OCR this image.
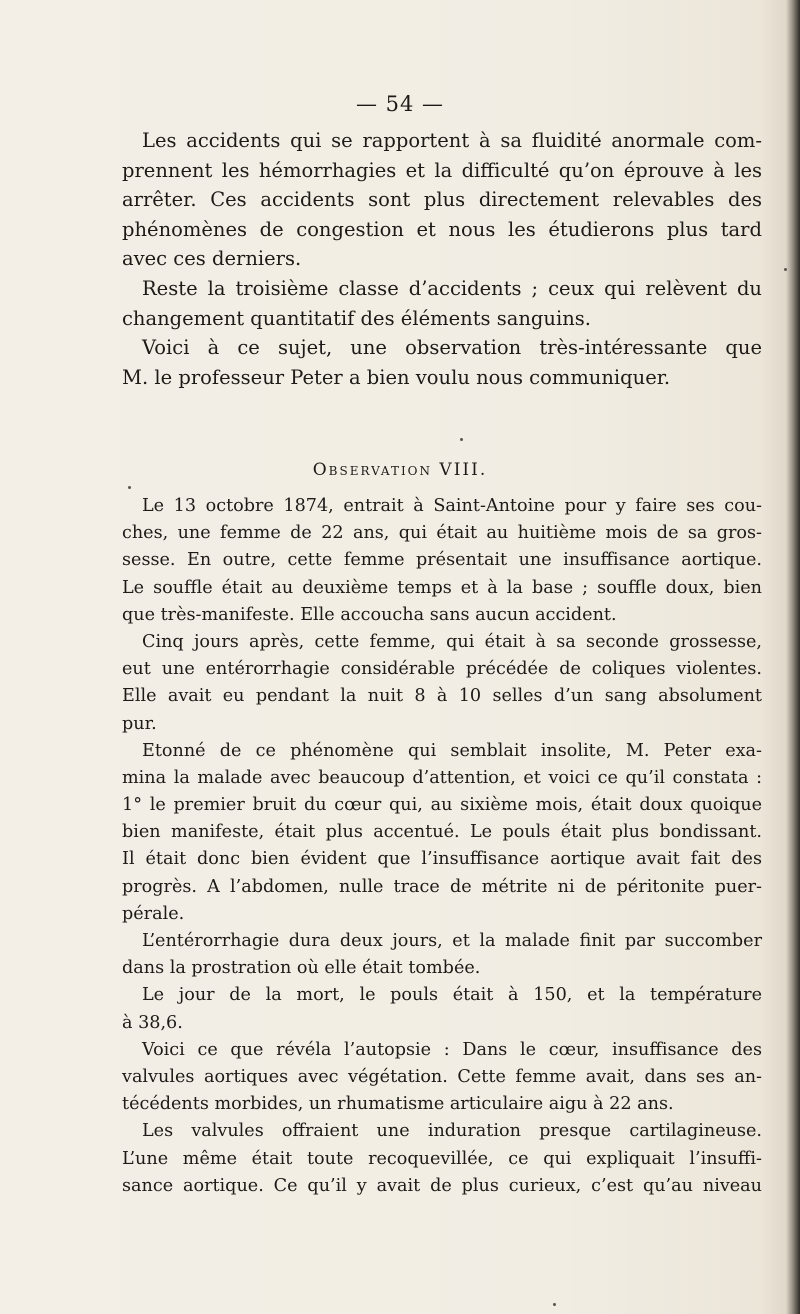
— 54 —
Les accidents qui se rapportent à sa fluidité anormale com-
prennent les hémorrhagies et la difficulté qu’on éprouve à les
arrêter. Ces accidents sont plus directement relevables des
phénomènes de congestion et nous les étudierons plus tard
avec ces derniers.
Reste la troisième classe d’accidents ; ceux qui relèvent du
changement quantitatif des éléments sanguins.
Voici à ce sujet, une observation très-intéressante que
M. le professeur Peter a bien voulu nous communiquer.
Observation VIII.
Le 13 octobre 1874, entrait à Saint-Antoine pour y faire ses cou-
ches, une femme de 22 ans, qui était au huitième mois de sa gros-
sesse. En outre, cette femme présentait une insuffisance aortique.
Le souffle était au deuxième temps et à la base ; souffle doux, bien
que très-manifeste. Elle accoucha sans aucun accident.
Cinq jours après, cette femme, qui était à sa seconde grossesse,
eut une entérorrhagie considérable précédée de coliques violentes.
Elle avait eu pendant la nuit 8 à 10 selles d’un sang absolument
pur.
Etonné de ce phénomène qui semblait insolite, M. Peter exa-
mina la malade avec beaucoup d’attention, et voici ce qu’il constata :
1° le premier bruit du cœur qui, au sixième mois, était doux quoique
bien manifeste, était plus accentué. Le pouls était plus bondissant.
Il était donc bien évident que l’insuffisance aortique avait fait des
progrès. A l’abdomen, nulle trace de métrite ni de péritonite puer-
pérale.
L’entérorrhagie dura deux jours, et la malade finit par succomber
dans la prostration où elle était tombée.
Le jour de la mort, le pouls était à 150, et la température
à 38,6.
Voici ce que révéla l’autopsie : Dans le cœur, insuffisance des
valvules aortiques avec végétation. Cette femme avait, dans ses an-
técédents morbides, un rhumatisme articulaire aigu à 22 ans.
Les valvules offraient une induration presque cartilagineuse.
L’une même était toute recoquevillée, ce qui expliquait l’insuffi-
sance aortique. Ce qu’il y avait de plus curieux, c’est qu’au niveau
